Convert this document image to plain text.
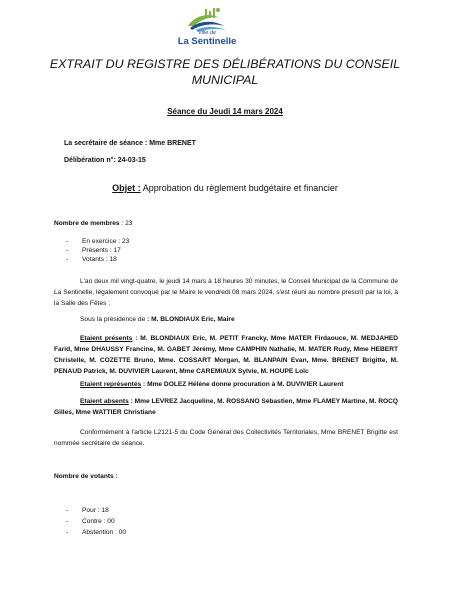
Ville de
La Sentinelle
EXTRAIT DU REGISTRE DES DÉLIBÉRATIONS DU CONSEIL MUNICIPAL
Séance du Jeudi 14 mars 2024
La secrétaire de séance : Mme BRENET
Délibération n°: 24-03-15
Objet : Approbation du règlement budgétaire et financier
Nombre de membres : 23
- En exercice : 23
- Présents : 17
- Votants : 18
L'an deux mil vingt-quatre, le jeudi 14 mars à 18 heures 30 minutes, le Conseil Municipal de la Commune de La Sentinelle, légalement convoqué par le Maire le vendredi 08 mars 2024, s'est réuni au nombre prescrit par la loi, à la Salle des Fêtes ;
Sous la présidence de : M. BLONDIAUX Eric, Maire
Etaient présents : M. BLONDIAUX Eric, M. PETIT Francky, Mme MATER Firdaouce, M. MEDJAHED Farid, Mme DHAUSSY Francine, M. GABET Jérémy, Mme CAMPHIN Nathalie, M. MATER Rudy, Mme HEBERT Christelle, M. COZETTE Bruno, Mme. COSSART Morgan, M. BLANPAIN Evan, Mme. BRENET Brigitte, M. PENAUD Patrick, M. DUVIVIER Laurent, Mme CAREMIAUX Sylvie, M. HOUPE Loïc
Etaient représentés : Mme DOLEZ Hélène donne procuration à M. DUVIVIER Laurent
Etaient absents : Mme LEVREZ Jacqueline, M. ROSSANO Sébastien, Mme FLAMEY Martine, M. ROCQ Gilles, Mme WATTIER Christiane
Conformément à l'article L2121-5 du Code Général des Collectivités Territoriales, Mme BRENET Brigitte est nommée secrétaire de séance.
Nombre de votants :
- Pour : 18
- Contre : 00
- Abstention : 00
